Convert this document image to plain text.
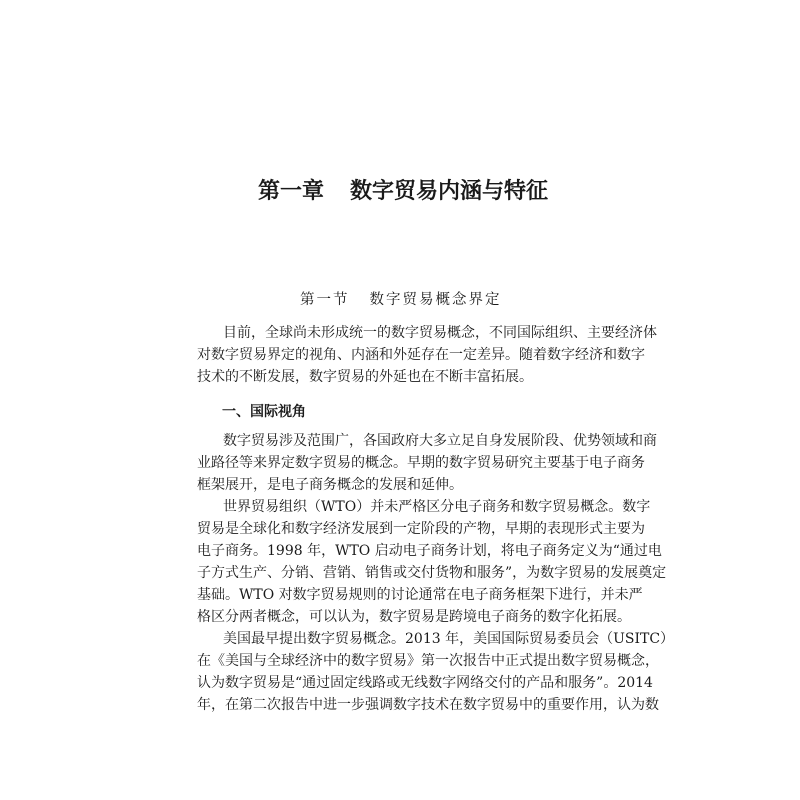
第一章 数字贸易内涵与特征
第一节 数字贸易概念界定
目前，全球尚未形成统一的数字贸易概念，不同国际组织、主要经济体
对数字贸易界定的视角、内涵和外延存在一定差异。随着数字经济和数字
技术的不断发展，数字贸易的外延也在不断丰富拓展。
一、国际视角
数字贸易涉及范围广，各国政府大多立足自身发展阶段、优势领域和商
业路径等来界定数字贸易的概念。早期的数字贸易研究主要基于电子商务
框架展开，是电子商务概念的发展和延伸。
世界贸易组织（WTO）并未严格区分电子商务和数字贸易概念。数字
贸易是全球化和数字经济发展到一定阶段的产物，早期的表现形式主要为
电子商务。1998 年，WTO 启动电子商务计划，将电子商务定义为“通过电
子方式生产、分销、营销、销售或交付货物和服务”，为数字贸易的发展奠定
基础。WTO 对数字贸易规则的讨论通常在电子商务框架下进行，并未严
格区分两者概念，可以认为，数字贸易是跨境电子商务的数字化拓展。
美国最早提出数字贸易概念。2013 年，美国国际贸易委员会（USITC）
在《美国与全球经济中的数字贸易》第一次报告中正式提出数字贸易概念，
认为数字贸易是“通过固定线路或无线数字网络交付的产品和服务”。2014
年，在第二次报告中进一步强调数字技术在数字贸易中的重要作用，认为数
